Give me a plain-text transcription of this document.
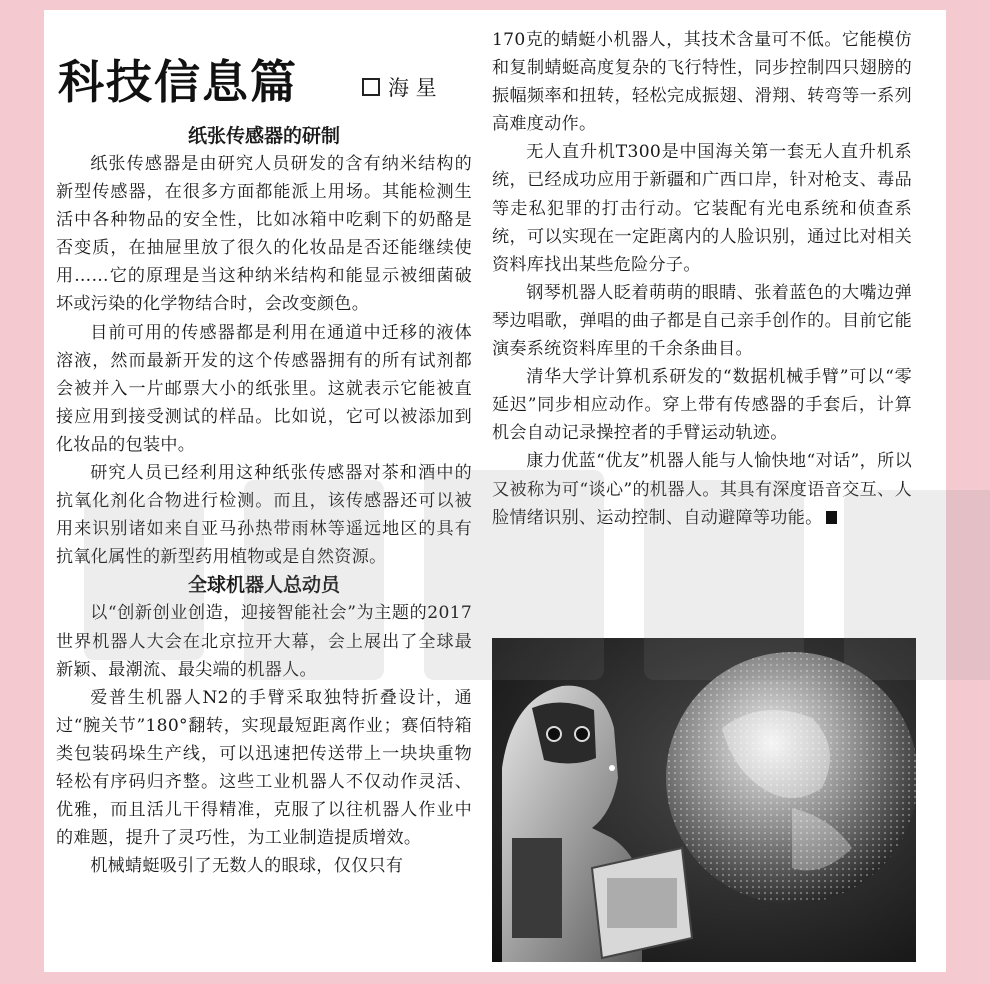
科技信息篇	海 星
纸张传感器的研制

纸张传感器是由研究人员研发的含有纳米结构的新型传感器，在很多方面都能派上用场。其能检测生活中各种物品的安全性，比如冰箱中吃剩下的奶酪是否变质，在抽屉里放了很久的化妆品是否还能继续使用……它的原理是当这种纳米结构和能显示被细菌破坏或污染的化学物结合时，会改变颜色。

目前可用的传感器都是利用在通道中迁移的液体溶液，然而最新开发的这个传感器拥有的所有试剂都会被并入一片邮票大小的纸张里。这就表示它能被直接应用到接受测试的样品。比如说，它可以被添加到化妆品的包装中。

研究人员已经利用这种纸张传感器对茶和酒中的抗氧化剂化合物进行检测。而且，该传感器还可以被用来识别诸如来自亚马孙热带雨林等遥远地区的具有抗氧化属性的新型药用植物或是自然资源。

全球机器人总动员

以“创新创业创造，迎接智能社会”为主题的2017世界机器人大会在北京拉开大幕，会上展出了全球最新颖、最潮流、最尖端的机器人。

爱普生机器人N2的手臂采取独特折叠设计，通过“腕关节”180°翻转，实现最短距离作业；赛佰特箱类包装码垛生产线，可以迅速把传送带上一块块重物轻松有序码归齐整。这些工业机器人不仅动作灵活、优雅，而且活儿干得精准，克服了以往机器人作业中的难题，提升了灵巧性，为工业制造提质增效。

机械蜻蜓吸引了无数人的眼球，仅仅只有

170克的蜻蜓小机器人，其技术含量可不低。它能模仿和复制蜻蜓高度复杂的飞行特性，同步控制四只翅膀的振幅频率和扭转，轻松完成振翅、滑翔、转弯等一系列高难度动作。

无人直升机T300是中国海关第一套无人直升机系统，已经成功应用于新疆和广西口岸，针对枪支、毒品等走私犯罪的打击行动。它装配有光电系统和侦查系统，可以实现在一定距离内的人脸识别，通过比对相关资料库找出某些危险分子。

钢琴机器人眨着萌萌的眼睛、张着蓝色的大嘴边弹琴边唱歌，弹唱的曲子都是自己亲手创作的。目前它能演奏系统资料库里的千余条曲目。

清华大学计算机系研发的“数据机械手臂”可以“零延迟”同步相应动作。穿上带有传感器的手套后，计算机会自动记录操控者的手臂运动轨迹。

康力优蓝“优友”机器人能与人愉快地“对话”，所以又被称为可“谈心”的机器人。其具有深度语音交互、人脸情绪识别、运动控制、自动避障等功能。
